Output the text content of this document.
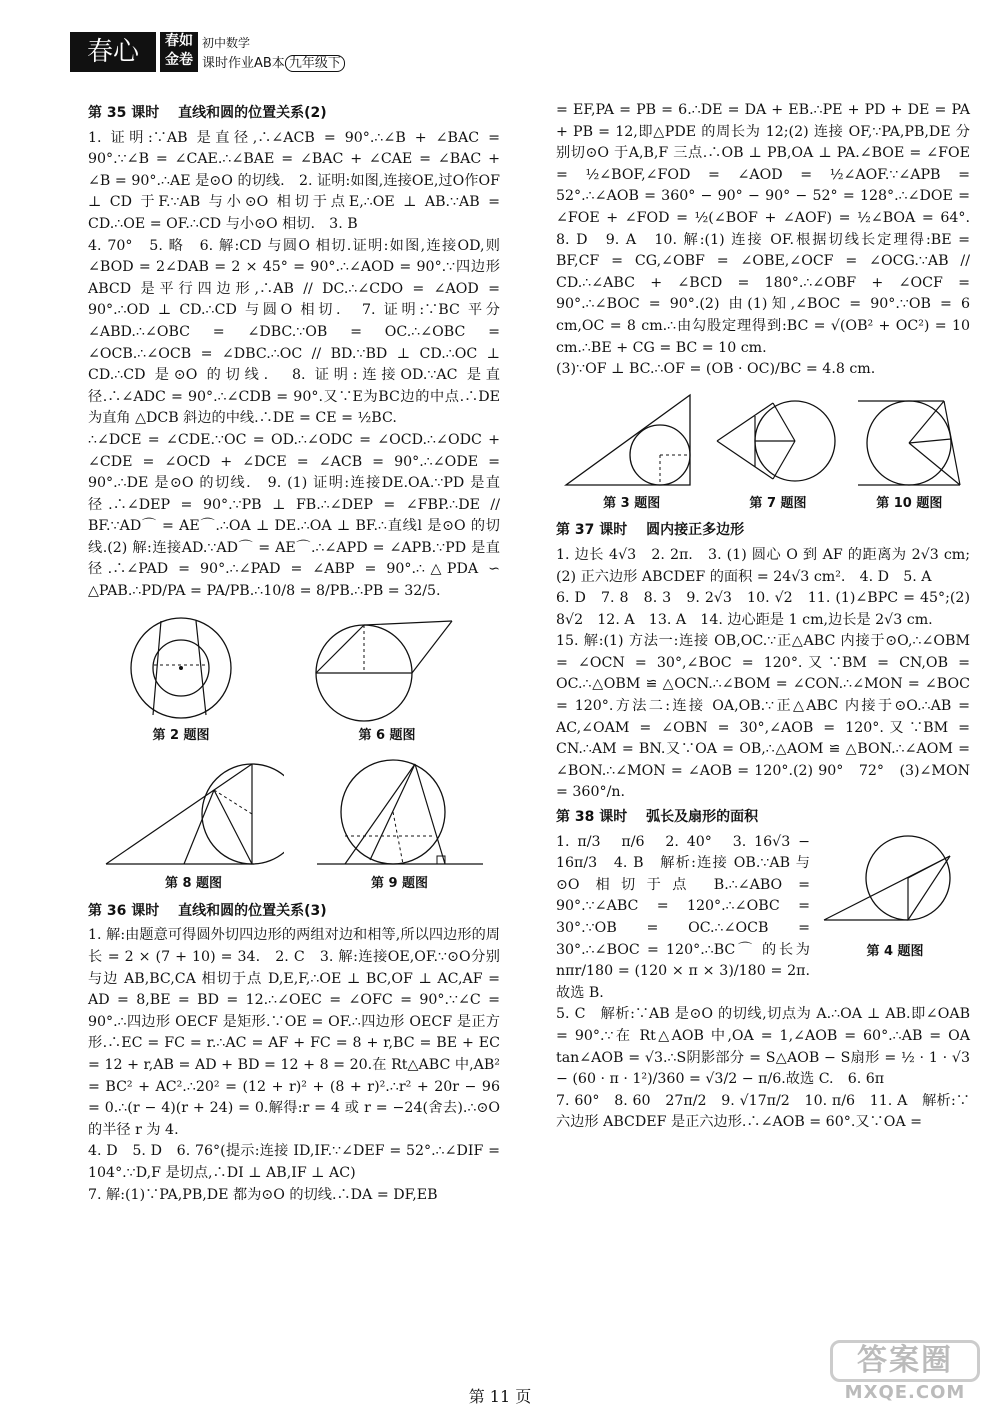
春心	春如
金卷
初中数学
课时作业AB本 九年级下

第 35 课时　 直线和圆的位置关系(2)

1. 证明:∵AB 是直径,∴∠ACB = 90°.∴∠B + ∠BAC = 90°.∵∠B = ∠CAE.∴∠BAE = ∠BAC + ∠CAE = ∠BAC + ∠B = 90°.∴AE 是⊙O 的切线.　2. 证明:如图,连接OE,过O作OF ⊥ CD 于F.∵AB 与小⊙O 相切于点E,∴OE ⊥ AB.∵AB = CD.∴OE = OF.∴CD 与小⊙O 相切.　3. B

4. 70°　5. 略　6. 解:CD 与圆O 相切.证明:如图,连接OD,则∠BOD = 2∠DAB = 2 × 45° = 90°.∴∠AOD = 90°.∵四边形 ABCD 是平行四边形,∴AB // DC.∴∠CDO = ∠AOD = 90°.∴OD ⊥ CD.∴CD 与圆O 相切.　7. 证明:∵BC 平分∠ABD.∴∠OBC = ∠DBC.∵OB = OC.∴∠OBC = ∠OCB.∴∠OCB = ∠DBC.∴OC // BD.∵BD ⊥ CD.∴OC ⊥ CD.∴CD 是⊙O 的切线.　8. 证明:连接OD.∵AC 是直径.∴∠ADC = 90°.∴∠CDB = 90°.又∵E为BC边的中点.∴DE 为直角 △DCB 斜边的中线.∴DE = CE = ½BC.

∴∠DCE = ∠CDE.∵OC = OD.∴∠ODC = ∠OCD.∴∠ODC + ∠CDE = ∠OCD + ∠DCE = ∠ACB = 90°.∴∠ODE = 90°.∴DE 是⊙O 的切线.　9. (1) 证明:连接DE.OA.∵PD 是直径.∴∠DEP = 90°.∵PB ⊥ FB.∴∠DEP = ∠FBP.∴DE // BF.∵AD⌒ = AE⌒.∴OA ⊥ DE.∴OA ⊥ BF.∴直线l 是⊙O 的切线.(2) 解:连接AD.∵AD⌒ = AE⌒.∴∠APD = ∠APB.∵PD 是直径.∴∠PAD = 90°.∴∠PAD = ∠ABP = 90°.∴△PDA ∽ △PAB.∴PD/PA = PA/PB.∴10/8 = 8/PB.∴PB = 32/5.

第 2 题图	第 6 题图
第 8 题图	第 9 题图

第 36 课时　 直线和圆的位置关系(3)

1. 解:由题意可得圆外切四边形的两组对边和相等,所以四边形的周长 = 2 × (7 + 10) = 34.　2. C　3. 解:连接OE,OF.∵⊙O分别与边 AB,BC,CA 相切于点 D,E,F,∴OE ⊥ BC,OF ⊥ AC,AF = AD = 8,BE = BD = 12.∴∠OEC = ∠OFC = 90°.∵∠C = 90°.∴四边形 OECF 是矩形.∵OE = OF.∴四边形 OECF 是正方形.∴EC = FC = r.∴AC = AF + FC = 8 + r,BC = BE + EC = 12 + r,AB = AD + BD = 12 + 8 = 20.在 Rt△ABC 中,AB² = BC² + AC².∴20² = (12 + r)² + (8 + r)².∴r² + 20r − 96 = 0.∴(r − 4)(r + 24) = 0.解得:r = 4 或 r = −24(舍去).∴⊙O 的半径 r 为 4.

4. D　5. D　6. 76°(提示:连接 ID,IF.∵∠DEF = 52°.∴∠DIF = 104°.∵D,F 是切点,∴DI ⊥ AB,IF ⊥ AC)

7. 解:(1)∵PA,PB,DE 都为⊙O 的切线.∴DA = DF,EB

= EF,PA = PB = 6.∴DE = DA + EB.∴PE + PD + DE = PA + PB = 12,即△PDE 的周长为 12;(2) 连接 OF,∵PA,PB,DE 分别切⊙O 于A,B,F 三点.∴OB ⊥ PB,OA ⊥ PA.∠BOE = ∠FOE = ½∠BOF,∠FOD = ∠AOD = ½∠AOF.∵∠APB = 52°.∴∠AOB = 360° − 90° − 90° − 52° = 128°.∴∠DOE = ∠FOE + ∠FOD = ½(∠BOF + ∠AOF) = ½∠BOA = 64°.　8. D　9. A　10. 解:(1) 连接 OF.根据切线长定理得:BE = BF,CF = CG,∠OBF = ∠OBE,∠OCF = ∠OCG.∵AB // CD.∴∠ABC + ∠BCD = 180°.∴∠OBF + ∠OCF = 90°.∴∠BOC = 90°.(2) 由(1)知,∠BOC = 90°.∵OB = 6 cm,OC = 8 cm.∴由勾股定理得到:BC = √(OB² + OC²) = 10 cm.∴BE + CG = BC = 10 cm.

(3)∵OF ⊥ BC.∴OF = (OB · OC)/BC = 4.8 cm.

第 3 题图	第 7 题图	第 10 题图

第 37 课时　 圆内接正多边形

1. 边长 4√3　2. 2π.　3. (1) 圆心 O 到 AF 的距离为 2√3 cm;(2) 正六边形 ABCDEF 的面积 = 24√3 cm².　4. D　5. A

6. D　7. 8　8. 3　9. 2√3　10. √2　11. (1)∠BPC = 45°;(2) 8√2　12. A　13. A　14. 边心距是 1 cm,边长是 2√3 cm.

15. 解:(1) 方法一:连接 OB,OC.∵正△ABC 内接于⊙O,∴∠OBM = ∠OCN = 30°,∠BOC = 120°.又∵BM = CN,OB = OC.∴△OBM ≌ △OCN.∴∠BOM = ∠CON.∴∠MON = ∠BOC = 120°.方法二:连接 OA,OB.∵正△ABC 内接于⊙O.∴AB = AC,∠OAM = ∠OBN = 30°,∠AOB = 120°.又∵BM = CN.∴AM = BN.又∵OA = OB,∴△AOM ≌ △BON.∴∠AOM = ∠BON.∴∠MON = ∠AOB = 120°.(2) 90°　72°　(3)∠MON = 360°/n.

第 38 课时　 弧长及扇形的面积

第 4 题图

1. π/3　π/6　2. 40°　3. 16√3 − 16π/3　4. B　解析:连接 OB.∵AB 与⊙O 相切于点 B.∴∠ABO = 90°.∵∠ABC = 120°.∴∠OBC = 30°.∵OB = OC.∴∠OCB = 30°.∴∠BOC = 120°.∴BC⌒ 的长为 nπr/180 = (120 × π × 3)/180 = 2π.故选 B.

5. C　解析:∵AB 是⊙O 的切线,切点为 A.∴OA ⊥ AB.即∠OAB = 90°.∵在 Rt△AOB 中,OA = 1,∠AOB = 60°.∴AB = OA tan∠AOB = √3.∴S阴影部分 = S△AOB − S扇形 = ½ · 1 · √3 − (60 · π · 1²)/360 = √3/2 − π/6.故选 C.　6. 6π

7. 60°　8. 60　27π/2　9. √17π/2　10. π/6　11. A　解析:∵六边形 ABCDEF 是正六边形.∴∠AOB = 60°.又∵OA =

第 11 页
答案圈
MXQE.COM
